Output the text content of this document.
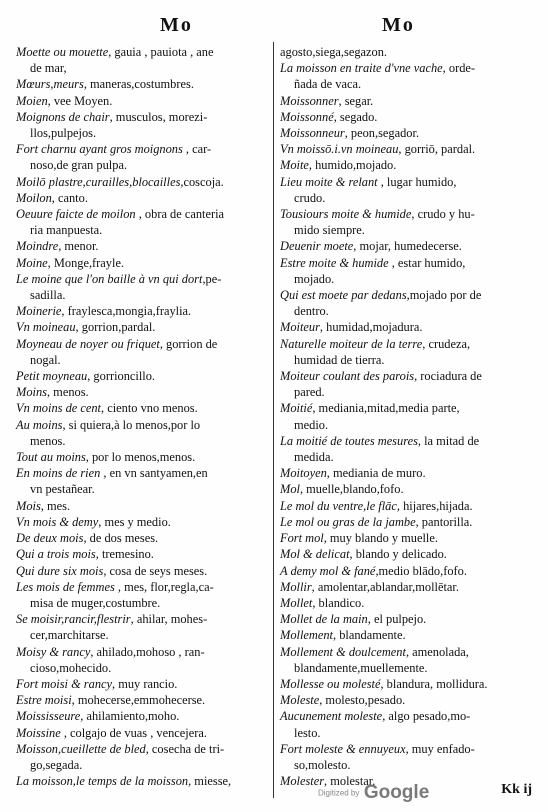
Mo	Mo

Moette ou mouette, gauia , pauiota , ane
de mar,

Mœurs,meurs, maneras,costumbres.

Moien, vee Moyen.

Moignons de chair, musculos, morezi-
llos,pulpejos.

Fort charnu ayant gros moignons , car-
noso,de gran pulpa.

Moilō plastre,curailles,blocailles,coscoja.

Moilon, canto.

Oeuure faicte de moilon , obra de canteria
ria manpuesta.

Moindre, menor.

Moine, Monge,frayle.

Le moine que l'on baille à vn qui dort,pe-
sadilla.

Moinerie, fraylesca,mongia,fraylia.

Vn moineau, gorrion,pardal.

Moyneau de noyer ou friquet, gorrion de
nogal.

Petit moyneau, gorrioncillo.

Moins, menos.

Vn moins de cent, ciento vno menos.

Au moins, si quiera,à lo menos,por lo
menos.

Tout au moins, por lo menos,menos.

En moins de rien , en vn santyamen,en
vn pestañear.

Mois, mes.

Vn mois & demy, mes y medio.

De deux mois, de dos meses.

Qui a trois mois, tremesino.

Qui dure six mois, cosa de seys meses.

Les mois de femmes , mes, flor,regla,ca-
misa de muger,costumbre.

Se moisir,rancir,flestrir, ahilar, mohes-
cer,marchitarse.

Moisy & rancy, ahilado,mohoso , ran-
cioso,mohecido.

Fort moisi & rancy, muy rancio.

Estre moisi, mohecerse,emmohecerse.

Moississeure, ahilamiento,moho.

Moissine , colgajo de vuas , vencejera.

Moisson,cueillette de bled, cosecha de tri-
go,segada.

La moisson,le temps de la moisson, miesse,

agosto,siega,segazon.

La moisson en traite d'vne vache, orde-
ñada de vaca.

Moissonner, segar.

Moissonné, segado.

Moissonneur, peon,segador.

Vn moissō.i.vn moineau, gorriō, pardal.

Moite, humido,mojado.

Lieu moite & relant , lugar humido,
crudo.

Tousiours moite & humide, crudo y hu-
mido siempre.

Deuenir moete, mojar, humedecerse.

Estre moite & humide , estar humido,
mojado.

Qui est moete par dedans,mojado por de
dentro.

Moiteur, humidad,mojadura.

Naturelle moiteur de la terre, crudeza,
humidad de tierra.

Moiteur coulant des parois, rociadura de
pared.

Moitié, mediania,mitad,media parte,
medio.

La moitié de toutes mesures, la mitad de
medida.

Moitoyen, mediania de muro.

Mol, muelle,blando,fofo.

Le mol du ventre,le flāc, hijares,hijada.

Le mol ou gras de la jambe, pantorilla.

Fort mol, muy blando y muelle.

Mol & delicat, blando y delicado.

A demy mol & fané,medio blādo,fofo.

Mollir, amolentar,ablandar,mollētar.

Mollet, blandico.

Mollet de la main, el pulpejo.

Mollement, blandamente.

Mollement & doulcement, amenolada,
blandamente,muellemente.

Mollesse ou molesté, blandura, mollidura.

Moleste, molesto,pesado.

Aucunement moleste, algo pesado,mo-
lesto.

Fort moleste & ennuyeux, muy enfado-
so,molesto.

Molester, molestar.

Digitized by Google	Kk ij
